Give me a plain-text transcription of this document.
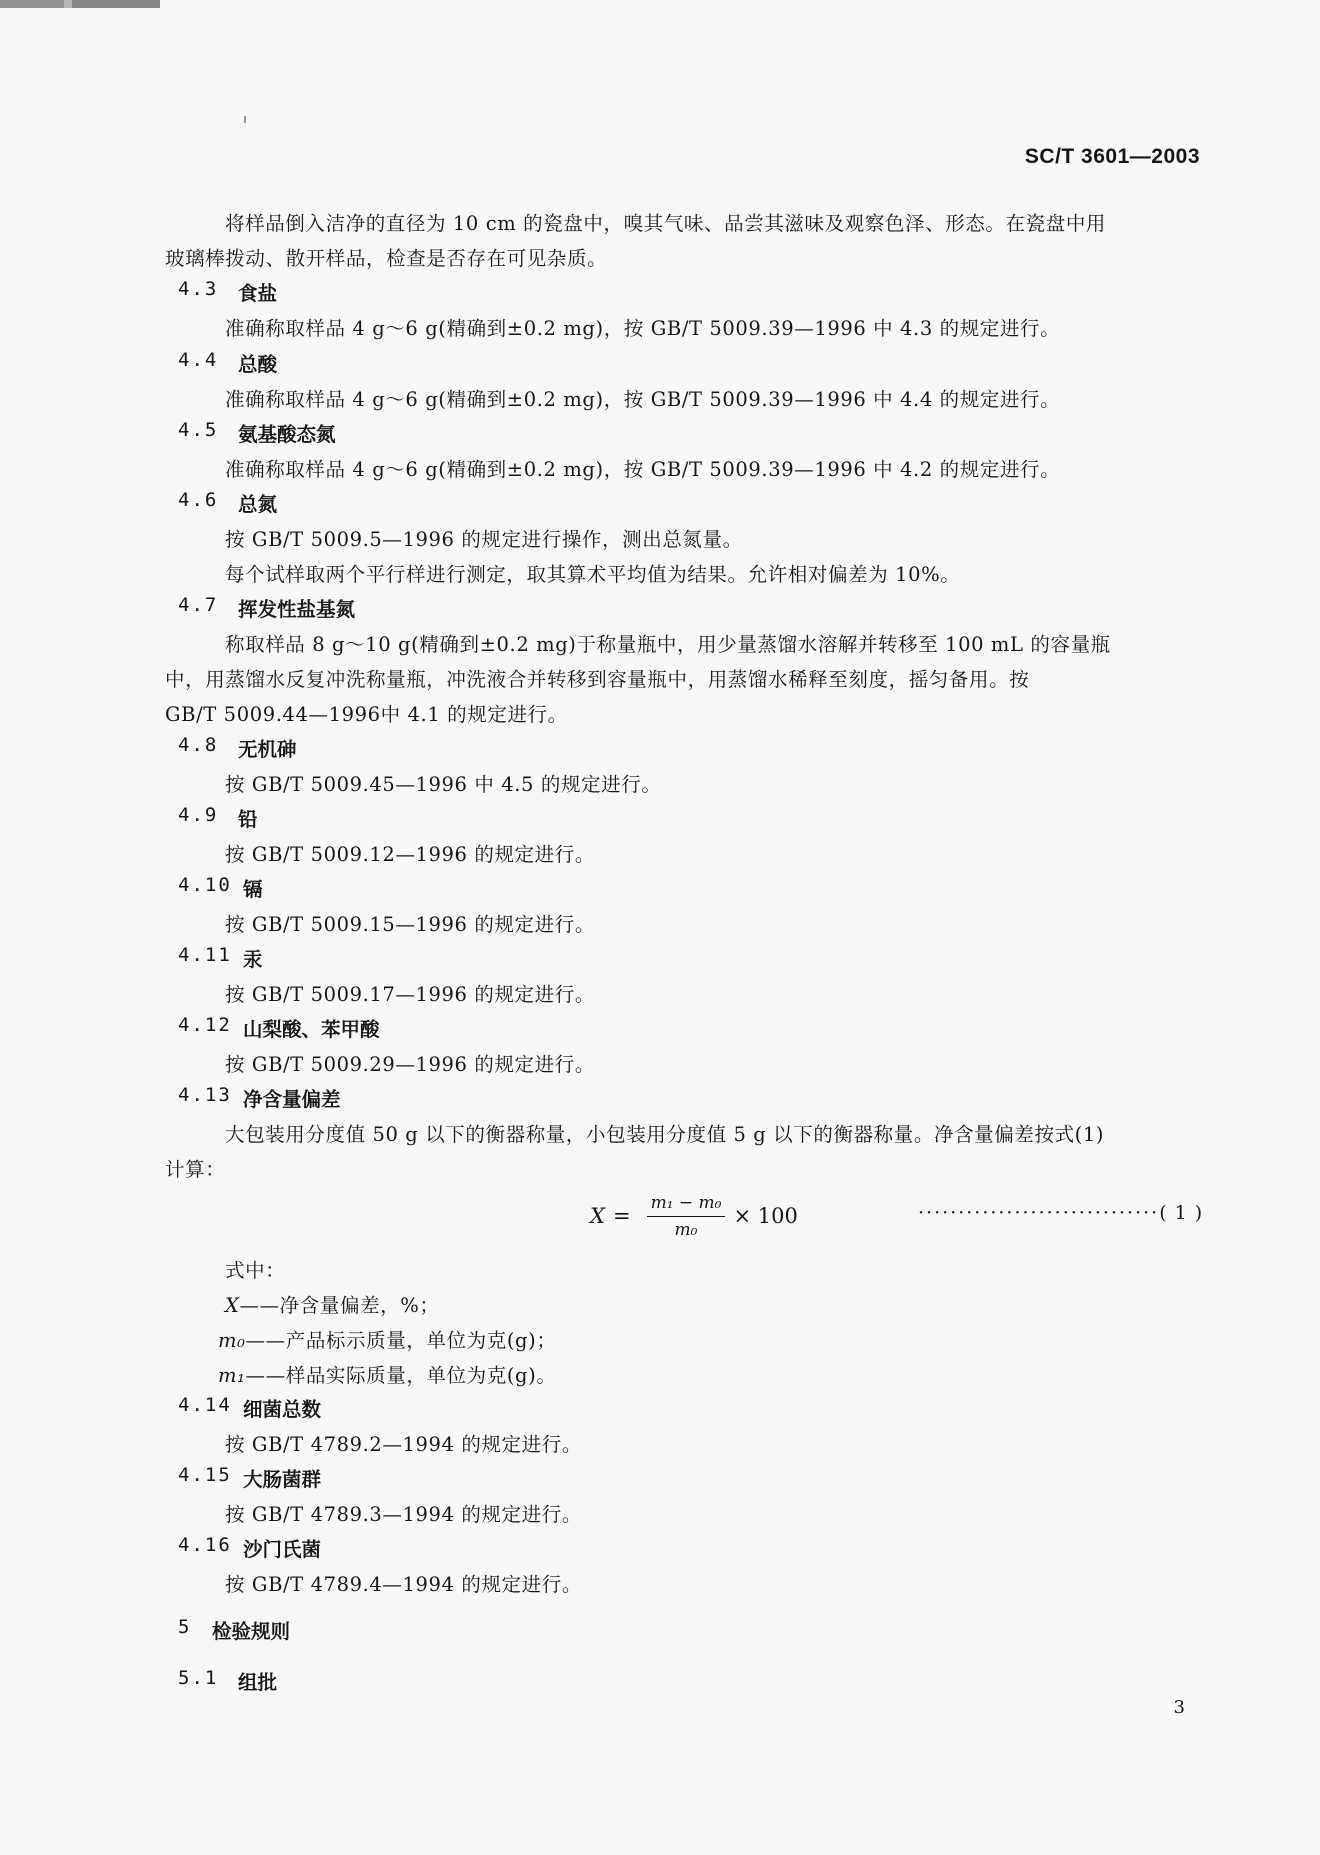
SC/T 3601—2003
将样品倒入洁净的直径为 10 cm 的瓷盘中，嗅其气味、品尝其滋味及观察色泽、形态。在瓷盘中用
玻璃棒拨动、散开样品，检查是否存在可见杂质。
4.3 食盐
准确称取样品 4 g～6 g(精确到±0.2 mg)，按 GB/T 5009.39—1996 中 4.3 的规定进行。
4.4 总酸
准确称取样品 4 g～6 g(精确到±0.2 mg)，按 GB/T 5009.39—1996 中 4.4 的规定进行。
4.5 氨基酸态氮
准确称取样品 4 g～6 g(精确到±0.2 mg)，按 GB/T 5009.39—1996 中 4.2 的规定进行。
4.6 总氮
按 GB/T 5009.5—1996 的规定进行操作，测出总氮量。
每个试样取两个平行样进行测定，取其算术平均值为结果。允许相对偏差为 10%。
4.7 挥发性盐基氮
称取样品 8 g～10 g(精确到±0.2 mg)于称量瓶中，用少量蒸馏水溶解并转移至 100 mL 的容量瓶
中，用蒸馏水反复冲洗称量瓶，冲洗液合并转移到容量瓶中，用蒸馏水稀释至刻度，摇匀备用。按
GB/T 5009.44—1996中 4.1 的规定进行。
4.8 无机砷
按 GB/T 5009.45—1996 中 4.5 的规定进行。
4.9 铅
按 GB/T 5009.12—1996 的规定进行。
4.10 镉
按 GB/T 5009.15—1996 的规定进行。
4.11 汞
按 GB/T 5009.17—1996 的规定进行。
4.12 山梨酸、苯甲酸
按 GB/T 5009.29—1996 的规定进行。
4.13 净含量偏差
大包装用分度值 50 g 以下的衡器称量，小包装用分度值 5 g 以下的衡器称量。净含量偏差按式(1)
计算：
$X = \frac{\text{m₁ − m₀}}{\text{m₀}} \times 100$	······························( 1 )
式中：
X——净含量偏差，%；
m₀——产品标示质量，单位为克(g)；
m₁——样品实际质量，单位为克(g)。
4.14 细菌总数
按 GB/T 4789.2—1994 的规定进行。
4.15 大肠菌群
按 GB/T 4789.3—1994 的规定进行。
4.16 沙门氏菌
按 GB/T 4789.4—1994 的规定进行。
5 检验规则
5.1 组批
3
